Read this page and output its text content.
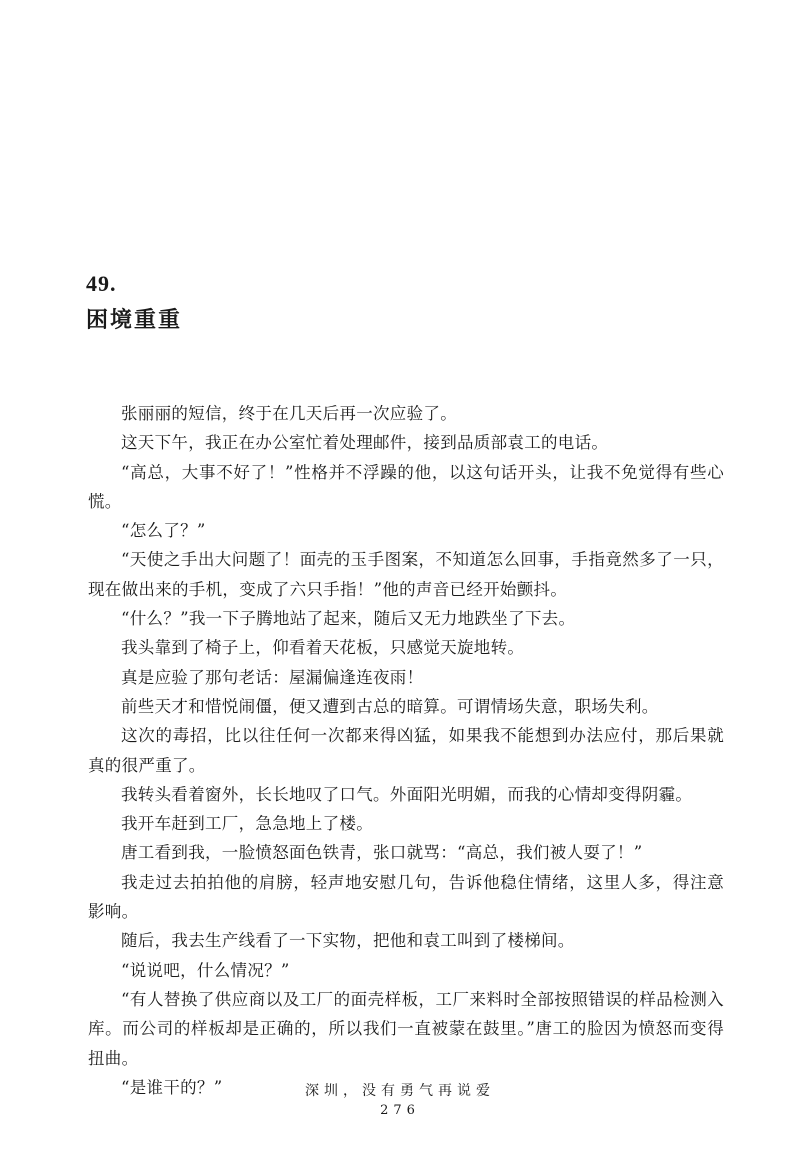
49.
困境重重

张丽丽的短信，终于在几天后再一次应验了。

这天下午，我正在办公室忙着处理邮件，接到品质部袁工的电话。

“高总，大事不好了！”性格并不浮躁的他，以这句话开头，让我不免觉得有些心慌。

“怎么了？”

“天使之手出大问题了！面壳的玉手图案，不知道怎么回事，手指竟然多了一只，现在做出来的手机，变成了六只手指！”他的声音已经开始颤抖。

“什么？”我一下子腾地站了起来，随后又无力地跌坐了下去。

我头靠到了椅子上，仰看着天花板，只感觉天旋地转。

真是应验了那句老话：屋漏偏逢连夜雨！

前些天才和惜悦闹僵，便又遭到古总的暗算。可谓情场失意，职场失利。

这次的毒招，比以往任何一次都来得凶猛，如果我不能想到办法应付，那后果就真的很严重了。

我转头看着窗外，长长地叹了口气。外面阳光明媚，而我的心情却变得阴霾。

我开车赶到工厂，急急地上了楼。

唐工看到我，一脸愤怒面色铁青，张口就骂：“高总，我们被人耍了！”

我走过去拍拍他的肩膀，轻声地安慰几句，告诉他稳住情绪，这里人多，得注意影响。

随后，我去生产线看了一下实物，把他和袁工叫到了楼梯间。

“说说吧，什么情况？”

“有人替换了供应商以及工厂的面壳样板，工厂来料时全部按照错误的样品检测入库。而公司的样板却是正确的，所以我们一直被蒙在鼓里。”唐工的脸因为愤怒而变得扭曲。

“是谁干的？”	深圳，没有勇气再说爱
276
